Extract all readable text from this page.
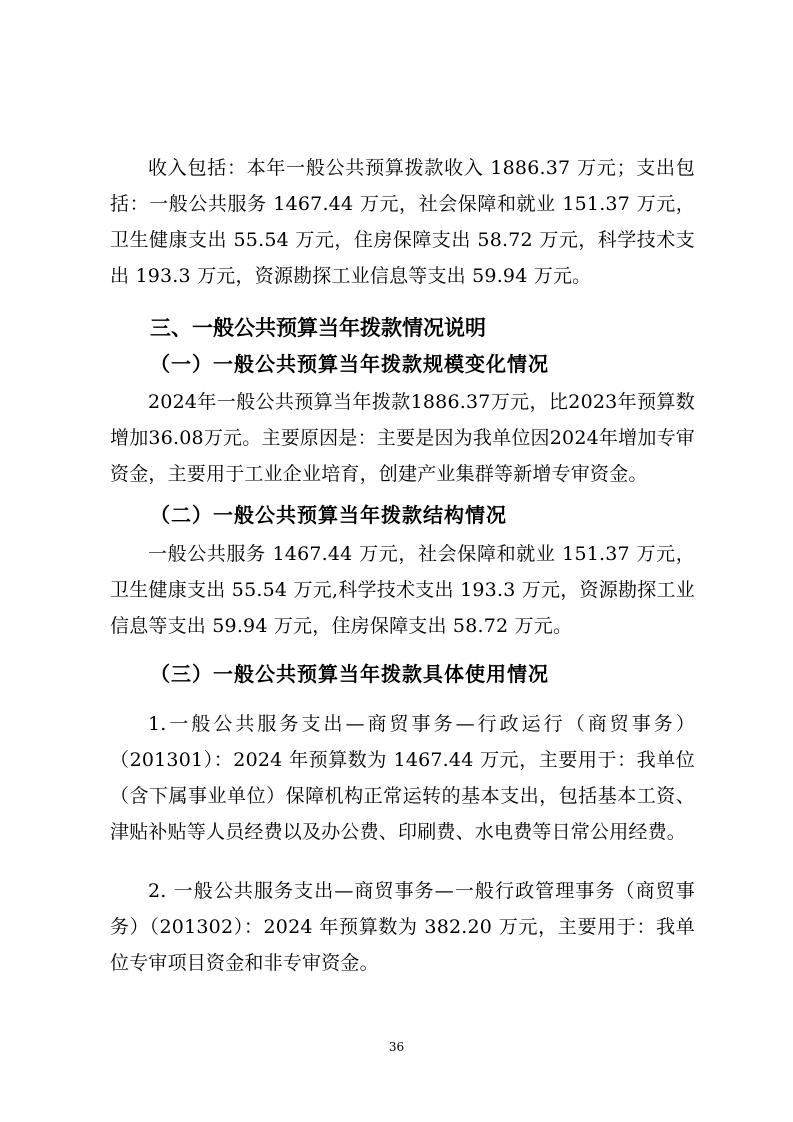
收入包括：本年一般公共预算拨款收入 1886.37 万元；支出包括：一般公共服务 1467.44 万元，社会保障和就业 151.37 万元，卫生健康支出 55.54 万元，住房保障支出 58.72 万元，科学技术支出 193.3 万元，资源勘探工业信息等支出 59.94 万元。

三、一般公共预算当年拨款情况说明
（一）一般公共预算当年拨款规模变化情况

2024年一般公共预算当年拨款1886.37万元，比2023年预算数增加36.08万元。主要原因是：主要是因为我单位因2024年增加专审资金，主要用于工业企业培育，创建产业集群等新增专审资金。

（二）一般公共预算当年拨款结构情况

一般公共服务 1467.44 万元，社会保障和就业 151.37 万元，卫生健康支出 55.54 万元,科学技术支出 193.3 万元，资源勘探工业信息等支出 59.94 万元，住房保障支出 58.72 万元。

（三）一般公共预算当年拨款具体使用情况

1.一般公共服务支出—商贸事务—行政运行（商贸事务）（201301）：2024 年预算数为 1467.44 万元，主要用于：我单位（含下属事业单位）保障机构正常运转的基本支出，包括基本工资、津贴补贴等人员经费以及办公费、印刷费、水电费等日常公用经费。

2. 一般公共服务支出—商贸事务—一般行政管理事务（商贸事务）（201302）：2024 年预算数为 382.20 万元，主要用于：我单位专审项目资金和非专审资金。

36
